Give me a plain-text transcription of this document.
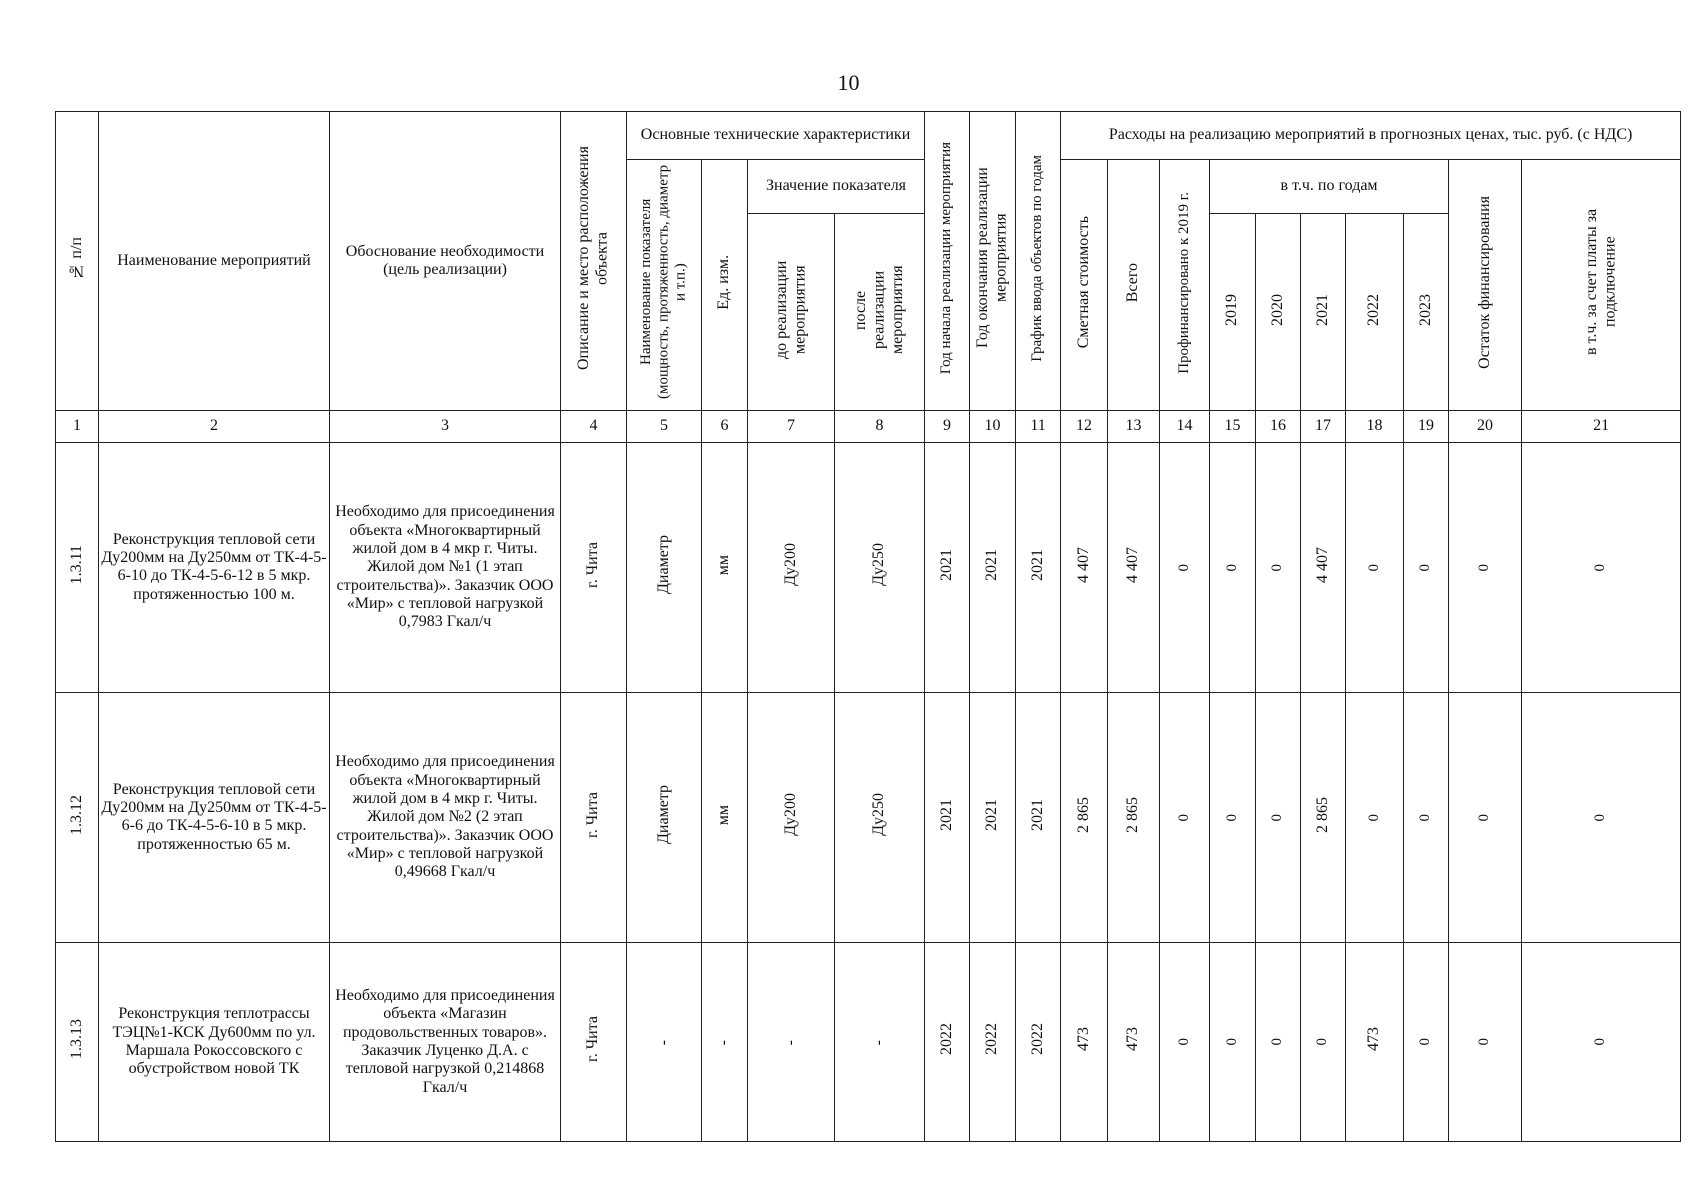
10
№ п/п	Наименование мероприятий	Обоснование необходимости (цель реализации)	Описание и место расположения объекта	Основные технические характеристики				Год начала реализации мероприятия	Год окончания реализации мероприятия	График ввода объектов по годам	Расходы на реализацию мероприятий в прогнозных ценах, тыс. руб. (с НДС)									
				Наименование показателя (мощность, протяженность, диаметр и т.п.)	Ед. изм.	Значение показателя					Сметная стоимость	Всего	Профинансировано к 2019 г.	в т.ч. по годам					Остаток финансирования	в т.ч. за счет платы за подключение
						до реализации мероприятия	после реализации мероприятия							2019	2020	2021	2022	2023		
1	2	3	4	5	6	7	8	9	10	11	12	13	14	15	16	17	18	19	20	21
1.3.11	Реконструкция тепловой сети Ду200мм на Ду250мм от ТК-4-5-6-10 до ТК-4-5-6-12 в 5 мкр. протяженностью 100 м.	Необходимо для присоединения объекта «Многоквартирный жилой дом в 4 мкр г. Читы. Жилой дом №1 (1 этап строительства)». Заказчик ООО «Мир» с тепловой нагрузкой 0,7983 Гкал/ч	г. Чита	Диаметр	мм	Ду200	Ду250	2021	2021	2021	4 407	4 407	0	0	0	4 407	0	0	0	0
1.3.12	Реконструкция тепловой сети Ду200мм на Ду250мм от ТК-4-5-6-6 до ТК-4-5-6-10 в 5 мкр. протяженностью 65 м.	Необходимо для присоединения объекта «Многоквартирный жилой дом в 4 мкр г. Читы. Жилой дом №2 (2 этап строительства)». Заказчик ООО «Мир» с тепловой нагрузкой 0,49668 Гкал/ч	г. Чита	Диаметр	мм	Ду200	Ду250	2021	2021	2021	2 865	2 865	0	0	0	2 865	0	0	0	0
1.3.13	Реконструкция теплотрассы ТЭЦ№1-КСК Ду600мм по ул. Маршала Рокоссовского с обустройством новой ТК	Необходимо для присоединения объекта «Магазин продовольственных товаров». Заказчик Луценко Д.А. с тепловой нагрузкой 0,214868 Гкал/ч	г. Чита	-	-	-	-	2022	2022	2022	473	473	0	0	0	0	473	0	0	0
